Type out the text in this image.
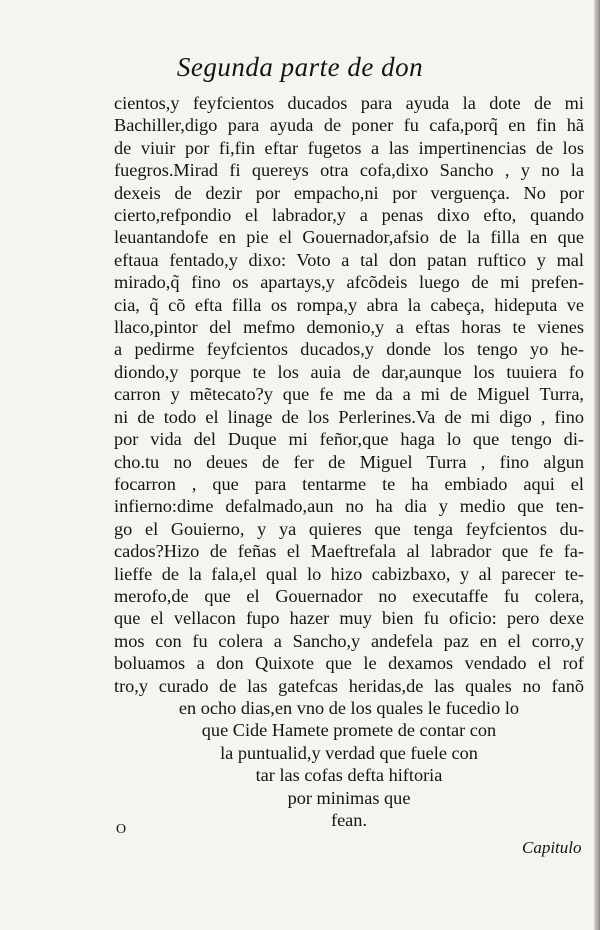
Segunda parte de don
cientos,y feyfcientos ducados para ayuda la dote de mi
Bachiller,digo para ayuda de poner fu cafa,porq̃ en fin hã
de viuir por fi,fin eftar fugetos a las impertinencias de los
fuegros.Mirad fi quereys otra cofa,dixo Sancho , y no la
dexeis de dezir por empacho,ni por verguença. No por
cierto,refpondio el labrador,y a penas dixo efto, quando
leuantandofe en pie el Gouernador,afsio de la filla en que
eftaua fentado,y dixo: Voto a tal don patan ruftico y mal
mirado,q̃ fino os apartays,y afcõdeis luego de mi prefen-
cia, q̃ cõ efta filla os rompa,y abra la cabeça, hideputa ve
llaco,pintor del mefmo demonio,y a eftas horas te vienes
a pedirme feyfcientos ducados,y donde los tengo yo he-
diondo,y porque te los auia de dar,aunque los tuuiera fo
carron y mẽtecato?y que fe me da a mi de Miguel Turra,
ni de todo el linage de los Perlerines.Va de mi digo , fino
por vida del Duque mi feñor,que haga lo que tengo di-
cho.tu no deues de fer de Miguel Turra , fino algun
focarron , que para tentarme te ha embiado aqui el
infierno:dime defalmado,aun no ha dia y medio que ten-
go el Gouierno, y ya quieres que tenga feyfcientos du-
cados?Hizo de feñas el Maeftrefala al labrador que fe fa-
lieffe de la fala,el qual lo hizo cabizbaxo, y al parecer te-
merofo,de que el Gouernador no executaffe fu colera,
que el vellacon fupo hazer muy bien fu oficio: pero dexe
mos con fu colera a Sancho,y andefela paz en el corro,y
boluamos a don Quixote que le dexamos vendado el rof
tro,y curado de las gatefcas heridas,de las quales no fanõ
en ocho dias,en vno de los quales le fucedio lo
que Cide Hamete promete de contar con
la puntualid,y verdad que fuele con
tar las cofas defta hiftoria
por minimas que
fean.
O
Capitulo
